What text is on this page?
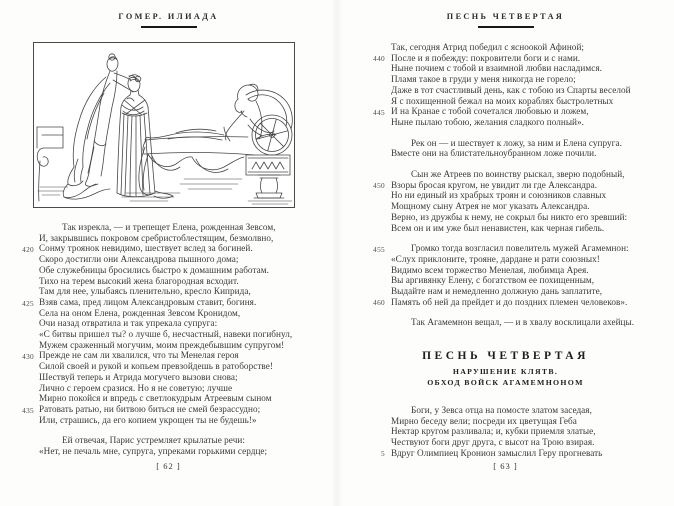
ГОМЕР. ИЛИАДА
Так изрекла, — и трепещет Елена, рожденная Зевсом,
И, закрывшись покровом сребристоблестящим, безмолвно,
420 Сонму троянок невидимо, шествует вслед за богиней.
Скоро достигли они Александрова пышного дома;
Обе служебницы бросились быстро к домашним работам.
Тихо на терем высокий жена благородная всходит.
Там для нее, улыбаясь пленительно, кресло Киприда,
425 Взяв сама, пред лицом Александровым ставит, богиня.
Села на оном Елена, рожденная Зевсом Кронидом,
Очи назад отвратила и так упрекала супруга:
«С битвы пришел ты? о лучше б, несчастный, навеки погибнул,
Мужем сраженный могучим, моим преждебывшим супругом!
430 Прежде не сам ли хвалился, что ты Менелая героя
Силой своей и рукой и копьем превзойдешь в ратоборстве!
Шествуй теперь и Атрида могучего вызови снова;
Лично с героем сразися. Но я не советую; лучше
Мирно покойся и впредь с светлокудрым Атреевым сыном
435 Ратовать ратью, ни битвою биться не смей безрассудно;
Или, страшись, да его копием укрощен ты не будешь!»
Ей отвечая, Парис устремляет крылатые речи:
«Нет, не печаль мне, супруга, упреками горькими сердце;
[ 62 ]
ПЕСНЬ ЧЕТВЕРТАЯ
Так, сегодня Атрид победил с ясноокой Афиной;
440 После и я побежду: покровители боги и с нами.
Ныне почием с тобой и взаимной любви насладимся.
Пламя такое в груди у меня никогда не горело;
Даже в тот счастливый день, как с тобою из Спарты веселой
Я с похищенной бежал на моих кораблях быстролетных
445 И на Кранае с тобой сочетался любовью и ложем,
Ныне пылаю тобою, желания сладкого полный».
Рек он — и шествует к ложу, за ним и Елена супруга.
Вместе они на блистательноубранном ложе почили.
Сын же Атреев по воинству рыскал, зверю подобный,
450 Взоры бросая кругом, не увидит ли где Александра.
Но ни единый из храбрых троян и союзников славных
Мощному сыну Атрея не мог указать Александра.
Верно, из дружбы к нему, не сокрыл бы никто его зревший:
Всем он и им уже был ненавистен, как черная гибель.
455	Громко тогда возгласил повелитель мужей Агамемнон:
«Слух приклоните, трояне, дардане и рати союзных!
Видимо всем торжество Менелая, любимца Арея.
Вы аргивянку Елену, с богатством ее похищенным,
Выдайте нам и немедленно должную дань заплатите,
460 Память об ней да прейдет и до поздних племен человеков».
Так Агамемнон вещал, — и в хвалу восклицали ахейцы.
ПЕСНЬ ЧЕТВЕРТАЯ
НАРУШЕНИЕ КЛЯТВ.
ОБХОД ВОЙСК АГАМЕМНОНОМ
Боги, у Зевса отца на помосте златом заседая,
Мирно беседу вели; посреди их цветущая Геба
Нектар кругом разливала; и, кубки приемля златые,
Чествуют боги друг друга, с высот на Трою взирая.
5 Вдруг Олимпиец Кронион замыслил Геру прогневать
[ 63 ]
